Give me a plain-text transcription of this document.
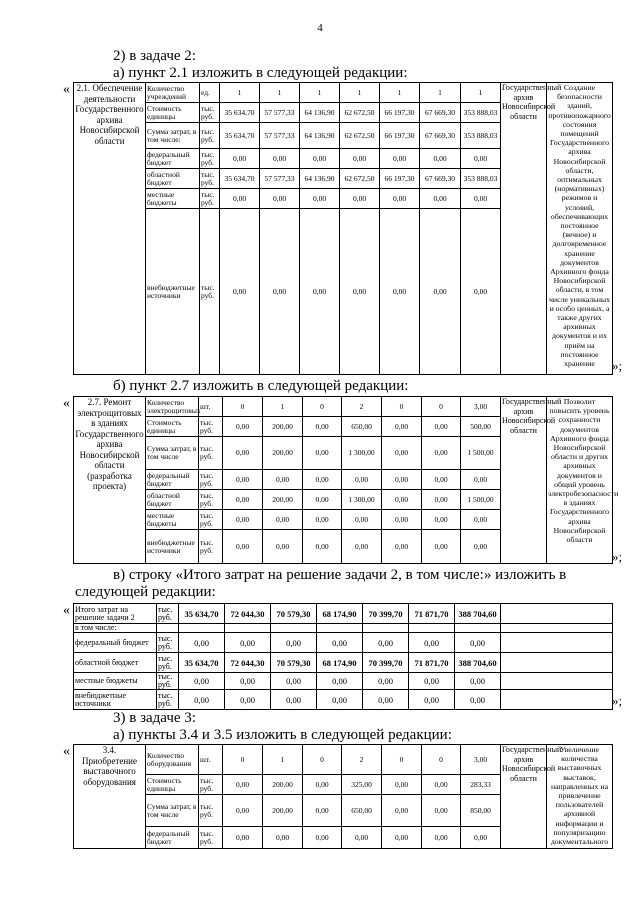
4
2) в задаче 2:
а) пункт 2.1 изложить в следующей редакции:
« 2.1. Обеспечение деятельности Государственного архива Новосибирской области	Количество учреждений	ед.	1	1	1	1	1	1	1	Государственный архив Новосибирской области	Создание безопасности зданий, противопожарного состояния помещений Государственного архива Новосибирской области, оптимальных (нормативных) режимов и условий, обеспечивающих постоянное (вечное) и долговременное хранение документов Архивного фонда Новосибирской области, в том числе уникальных и особо ценных, а также других архивных документов и их приём на постоянное хранение
	Стоимость единицы	тыс. руб.	35 634,70	57 577,33	64 136,90	62 672,50	66 197,30	67 669,30	353 888,03		
	Сумма затрат, в том числе:	тыс. руб.	35 634,70	57 577,33	64 136,90	62 672,50	66 197,30	67 669,30	353 888,03		
	федеральный бюджет	тыс. руб.	0,00	0,00	0,00	0,00	0,00	0,00	0,00		
	областной бюджет	тыс. руб.	35 634,70	57 577,33	64 136,90	62 672,50	66 197,30	67 669,30	353 888,03		
	местные бюджеты	тыс. руб.	0,00	0,00	0,00	0,00	0,00	0,00	0,00		
	внебюджетные источники	тыс. руб.	0,00	0,00	0,00	0,00	0,00	0,00	0,00		
»;
б) пункт 2.7 изложить в следующей редакции:
« 2.7. Ремонт электрощитовых в зданиях Государственного архива Новосибирской области (разработка проекта)	Количество электрощитовых	шт.	0	1	0	2	0	0	3,00	Государственный архив Новосибирской области	Позволит повысить уровень сохранности документов Архивного фонда Новосибирской области и других архивных документов и общий уровень электробезопасности в зданиях Государственного архива Новосибирской области
	Стоимость единицы	тыс. руб.	0,00	200,00	0,00	650,00	0,00	0,00	500,00		
	Сумма затрат, в том числе	тыс. руб.	0,00	200,00	0,00	1 300,00	0,00	0,00	1 500,00		
	федеральный бюджет	тыс. руб.	0,00	0,00	0,00	0,00	0,00	0,00	0,00		
	областной бюджет	тыс. руб.	0,00	200,00	0,00	1 300,00	0,00	0,00	1 500,00		
	местные бюджеты	тыс. руб.	0,00	0,00	0,00	0,00	0,00	0,00	0,00		
	внебюджетные источники	тыс. руб.	0,00	0,00	0,00	0,00	0,00	0,00	0,00		
»;
в) строку «Итого затрат на решение задачи 2, в том числе:» изложить в
следующей редакции:
« Итого затрат на решение задачи 2	тыс. руб.	35 634,70	72 044,30	70 579,30	68 174,90	70 399,70	71 871,70	388 704,60	
в том числе:									
федеральный бюджет	тыс. руб.	0,00	0,00	0,00	0,00	0,00	0,00	0,00	
областной бюджет	тыс. руб.	35 634,70	72 044,30	70 579,30	68 174,90	70 399,70	71 871,70	388 704,60	
местные бюджеты	тыс. руб.	0,00	0,00	0,00	0,00	0,00	0,00	0,00	
внебюджетные источники	тыс. руб.	0,00	0,00	0,00	0,00	0,00	0,00	0,00		»;
3) в задаче 3:
а) пункты 3.4 и 3.5 изложить в следующей редакции:
«	3.4. Приобретение выставочного оборудования	Количество оборудования	шт.	0	1	0	2	0	0	3,00	Государственный архив Новосибирской области	Увеличение количества выставочных выставок, направленных на привлечение пользователей архивной информации и популяризацию документального
	Стоимость единицы	тыс. руб.	0,00	200,00	0,00	325,00	0,00	0,00	283,33		
	Сумма затрат, в том числе	тыс. руб.	0,00	200,00	0,00	650,00	0,00	0,00	850,00		
	федеральный бюджет	тыс. руб.	0,00	0,00	0,00	0,00	0,00	0,00	0,00		
